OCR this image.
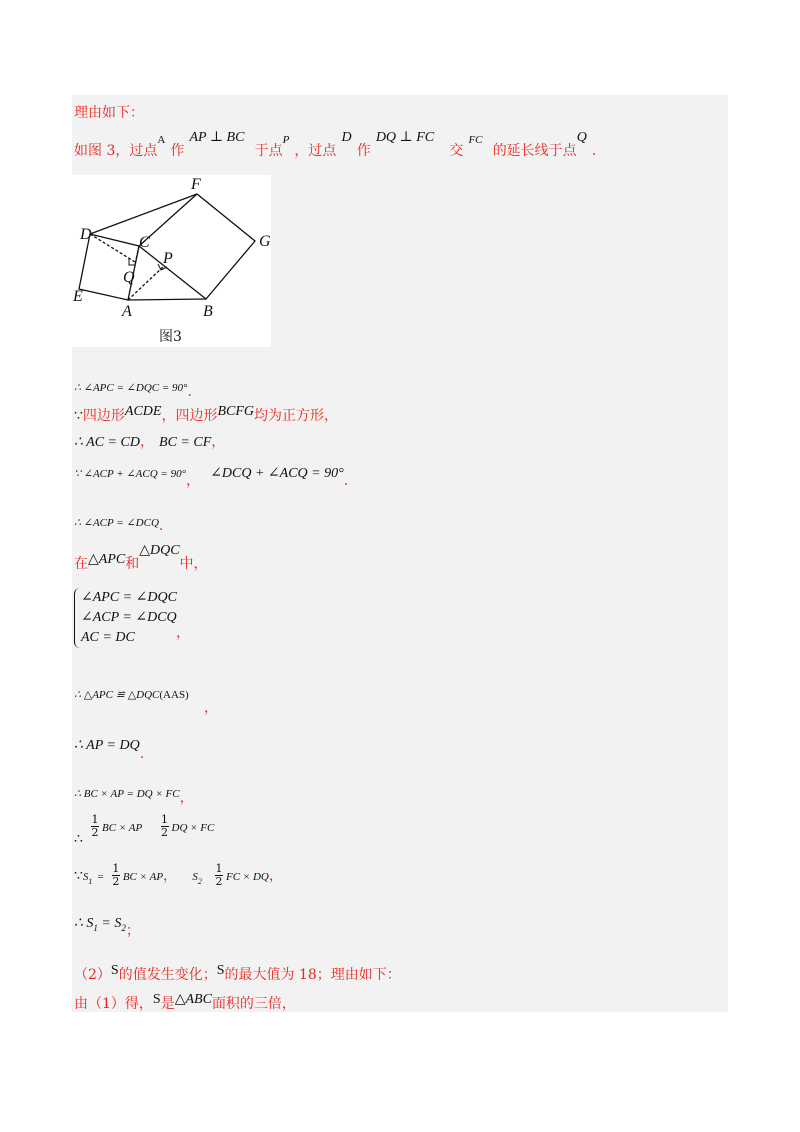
理由如下：
如图 3，过点$^A$ 作 AP ⊥ BC  于点$^P$ ，过点 D 作 DQ ⊥ FC   交 $^{FC}$  的延长线于点Q .
F
G
D	C
P
Q
E
A	B
图3
∴ ∠APC = ∠DQC = 90°.
∵四边形ACDE，四边形BCFG均为正方形，
∴ AC = CD， BC = CF，
∵ ∠ACP + ∠ACQ = 90°， ∠DCQ + ∠ACQ = 90°.
∴ ∠ACP = ∠DCQ.
在△APC和△DQC中，
∠APC = ∠DQC
∠ACP = ∠DCQ
AC = DC	，
∴ △APC ≌ △DQC(AAS)
，
∴ AP = DQ.
∴ BC × AP = DQ × FC，
∴
$\frac{1}{2}$ BC × AP $\frac{1}{2}$ DQ × FC
$\because S_1 = \frac{1}{2}$ BC × AP， $S_2 \frac{1}{2}$ FC × DQ，
∴ $S_1 = S_2$；
（2）S的值发生变化；S的最大值为 18；理由如下：
由（1）得，S是△ABC面积的三倍，
